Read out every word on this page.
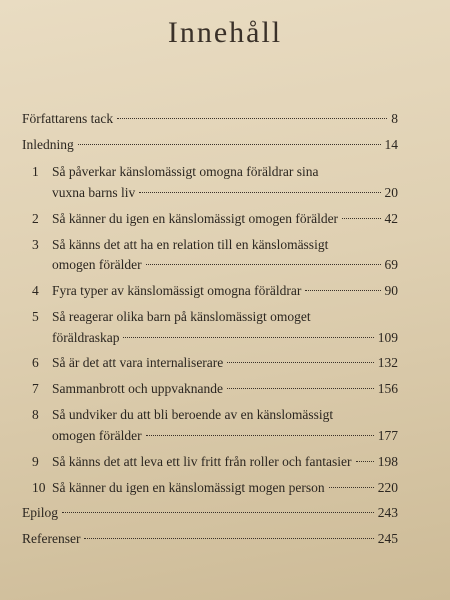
Innehåll
Författarens tack	8
Inledning	14
1 Så påverkar känslomässigt omogna föräldrar sina
vuxna barns liv	20
2 Så känner du igen en känslomässigt omogen förälder	42
3 Så känns det att ha en relation till en känslomässigt
omogen förälder	69
4 Fyra typer av känslomässigt omogna föräldrar	90
5 Så reagerar olika barn på känslomässigt omoget
föräldraskap	109
6 Så är det att vara internaliserare	132
7 Sammanbrott och uppvaknande	156
8 Så undviker du att bli beroende av en känslomässigt
omogen förälder	177
9 Så känns det att leva ett liv fritt från roller och fantasier 198
10 Så känner du igen en känslomässigt mogen person	220
Epilog	243
Referenser	245
